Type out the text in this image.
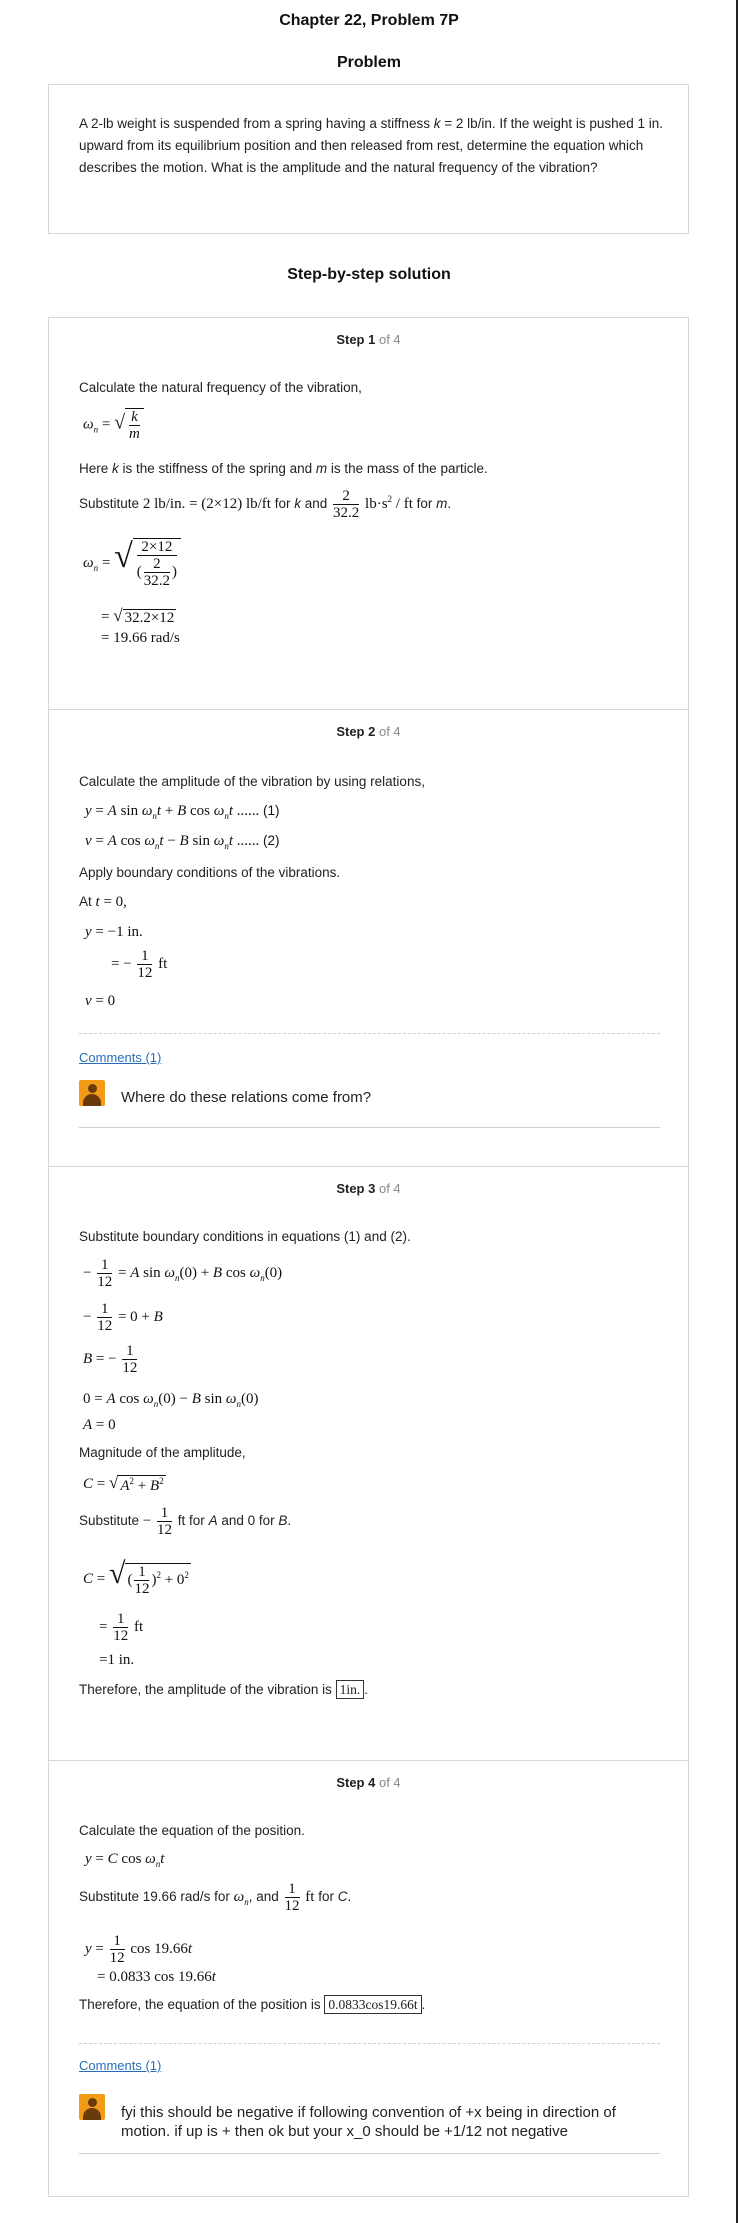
Chapter 22, Problem 7P
Problem

A 2-lb weight is suspended from a spring having a stiffness k = 2 lb/in. If the weight is pushed 1 in. upward from its equilibrium position and then released from rest, determine the equation which describes the motion. What is the amplitude and the natural frequency of the vibration?

Step-by-step solution
Step 1 of 4
Calculate the natural frequency of the vibration,
$\omega_n$ = √ $\frac{k}{m}$
Here k is the stiffness of the spring and m is the mass of the particle.
Substitute 2 lb/in. = (2×12) lb/ft for k and $\frac{2}{32.2} lb\cdot s^2$ / ft for m.
$\omega_n$ = √ $\frac{2\times 12}{( \frac{2}{32.2} )}$
= √ 32.2×12
= 19.66 rad/s
Step 2 of 4
Calculate the amplitude of the vibration by using relations,
y = A $\sin \omega_nt + B$ $\cos \omega_nt$ ...... (1)
v = A $\cos \omega_nt - B$ $\sin \omega_nt$ ...... (2)
Apply boundary conditions of the vibrations.
At t = 0,
y = −1 in.
= − $\frac{1}{12}$ ft
v = 0
Comments (1)
Where do these relations come from?
Step 3 of 4
Substitute boundary conditions in equations (1) and (2).
− $\frac{1}{12} = A$ $\sin \omega_n(0) + B$ $\cos \omega_n(0)$
− $\frac{1}{12} = 0 + B$
B = − $\frac{1}{12}$
0 = A $\cos \omega_n(0) - B$ $\sin \omega_n(0)$
A = 0
Magnitude of the amplitude,
C = √ $A^2 + B^2$
Substitute − $\frac{1}{12}$ ft for A and 0 for B.
C = √ ( $\frac{1}{12} )^2 + 0^2$
= $\frac{1}{12}$ ft
=1 in.
Therefore, the amplitude of the vibration is 1in. .
Step 4 of 4
Calculate the equation of the position.
y = C $\cos \omega_nt$
Substitute 19.66 rad/s for $\omega_n$, and $\frac{1}{12}$ ft for C.
$y = \frac{1}{12}$ cos 19.66t
= 0.0833 cos 19.66t
Therefore, the equation of the position is 0.0833cos19.66t .
Comments (1)
fyi this should be negative if following convention of +x being in direction of motion. if up is + then ok but your x_0 should be +1/12 not negative
